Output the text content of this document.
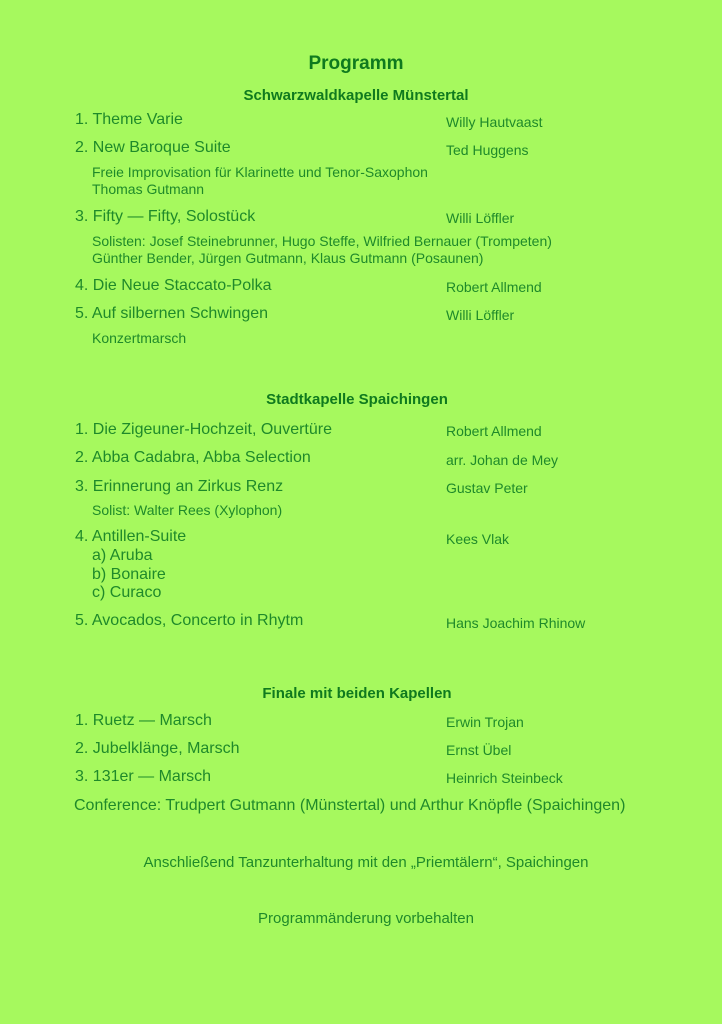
Programm
Schwarzwaldkapelle Münstertal
1. Theme Varie	Willy Hautvaast
2. New Baroque Suite	Ted Huggens
Freie Improvisation für Klarinette und Tenor-Saxophon
Thomas Gutmann
3. Fifty — Fifty, Solostück	Willi Löffler
Solisten: Josef Steinebrunner, Hugo Steffe, Wilfried Bernauer (Trompeten)
Günther Bender, Jürgen Gutmann, Klaus Gutmann (Posaunen)
4. Die Neue Staccato-Polka	Robert Allmend
5. Auf silbernen Schwingen	Willi Löffler
Konzertmarsch
Stadtkapelle Spaichingen
1. Die Zigeuner-Hochzeit, Ouvertüre	Robert Allmend
2. Abba Cadabra, Abba Selection	arr. Johan de Mey
3. Erinnerung an Zirkus Renz	Gustav Peter
Solist: Walter Rees (Xylophon)
4. Antillen-Suite	Kees Vlak
a) Aruba
b) Bonaire
c) Curaco
5. Avocados, Concerto in Rhytm	Hans Joachim Rhinow
Finale mit beiden Kapellen
1. Ruetz — Marsch	Erwin Trojan
2. Jubelklänge, Marsch	Ernst Übel
3. 131er — Marsch	Heinrich Steinbeck
Conference: Trudpert Gutmann (Münstertal) und Arthur Knöpfle (Spaichingen)
Anschließend Tanzunterhaltung mit den „Priemtälern“, Spaichingen
Programmänderung vorbehalten
